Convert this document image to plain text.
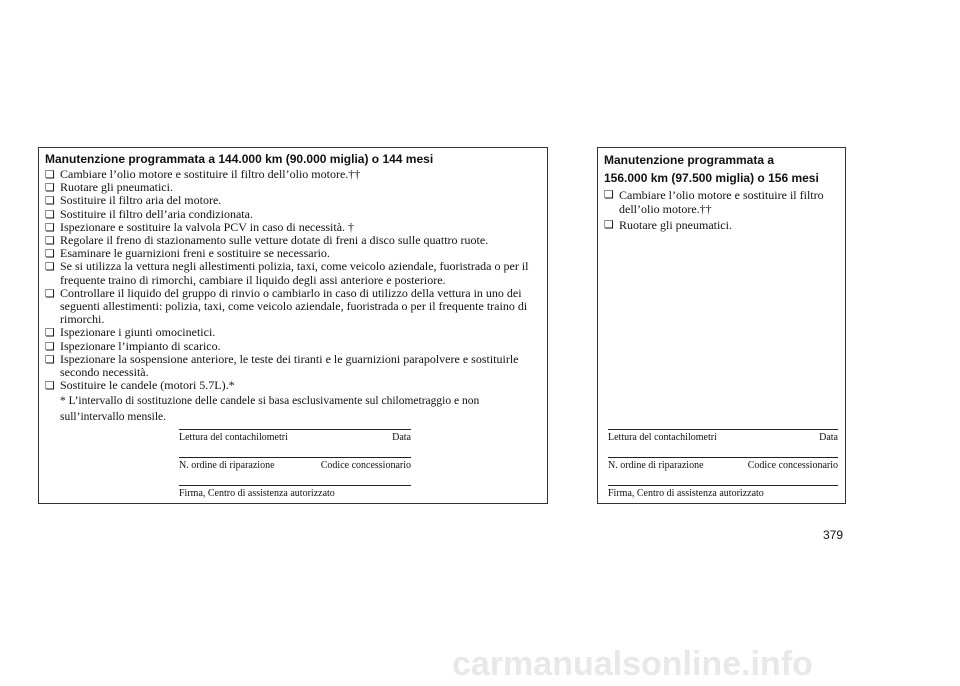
Manutenzione programmata a 144.000 km (90.000 miglia) o 144 mesi
❏ Cambiare l’olio motore e sostituire il filtro dell’olio motore.††
❏ Ruotare gli pneumatici.
❏ Sostituire il filtro aria del motore.
❏ Sostituire il filtro dell’aria condizionata.
❏ Ispezionare e sostituire la valvola PCV in caso di necessità. †
❏ Regolare il freno di stazionamento sulle vetture dotate di freni a disco sulle quattro ruote.
❏ Esaminare le guarnizioni freni e sostituire se necessario.
❏ Se si utilizza la vettura negli allestimenti polizia, taxi, come veicolo aziendale, fuoristrada o per il frequente traino di rimorchi, cambiare il liquido degli assi anteriore e posteriore.
❏ Controllare il liquido del gruppo di rinvio o cambiarlo in caso di utilizzo della vettura in uno dei seguenti allestimenti: polizia, taxi, come veicolo aziendale, fuoristrada o per il frequente traino di rimorchi.
❏ Ispezionare i giunti omocinetici.
❏ Ispezionare l’impianto di scarico.
❏ Ispezionare la sospensione anteriore, le teste dei tiranti e le guarnizioni parapolvere e sostituirle secondo necessità.
❏ Sostituire le candele (motori 5.7L).*
* L’intervallo di sostituzione delle candele si basa esclusivamente sul chilometraggio e non sull’intervallo mensile.
Lettura del contachilometri	Data
N. ordine di riparazione	Codice concessionario
Firma, Centro di assistenza autorizzato
Manutenzione programmata a
156.000 km (97.500 miglia) o 156 mesi
❏ Cambiare l’olio motore e sostituire il filtro dell’olio motore.††
❏ Ruotare gli pneumatici.
Lettura del contachilometri	Data
N. ordine di riparazione	Codice concessionario
Firma, Centro di assistenza autorizzato
379
carmanualsonline.info
